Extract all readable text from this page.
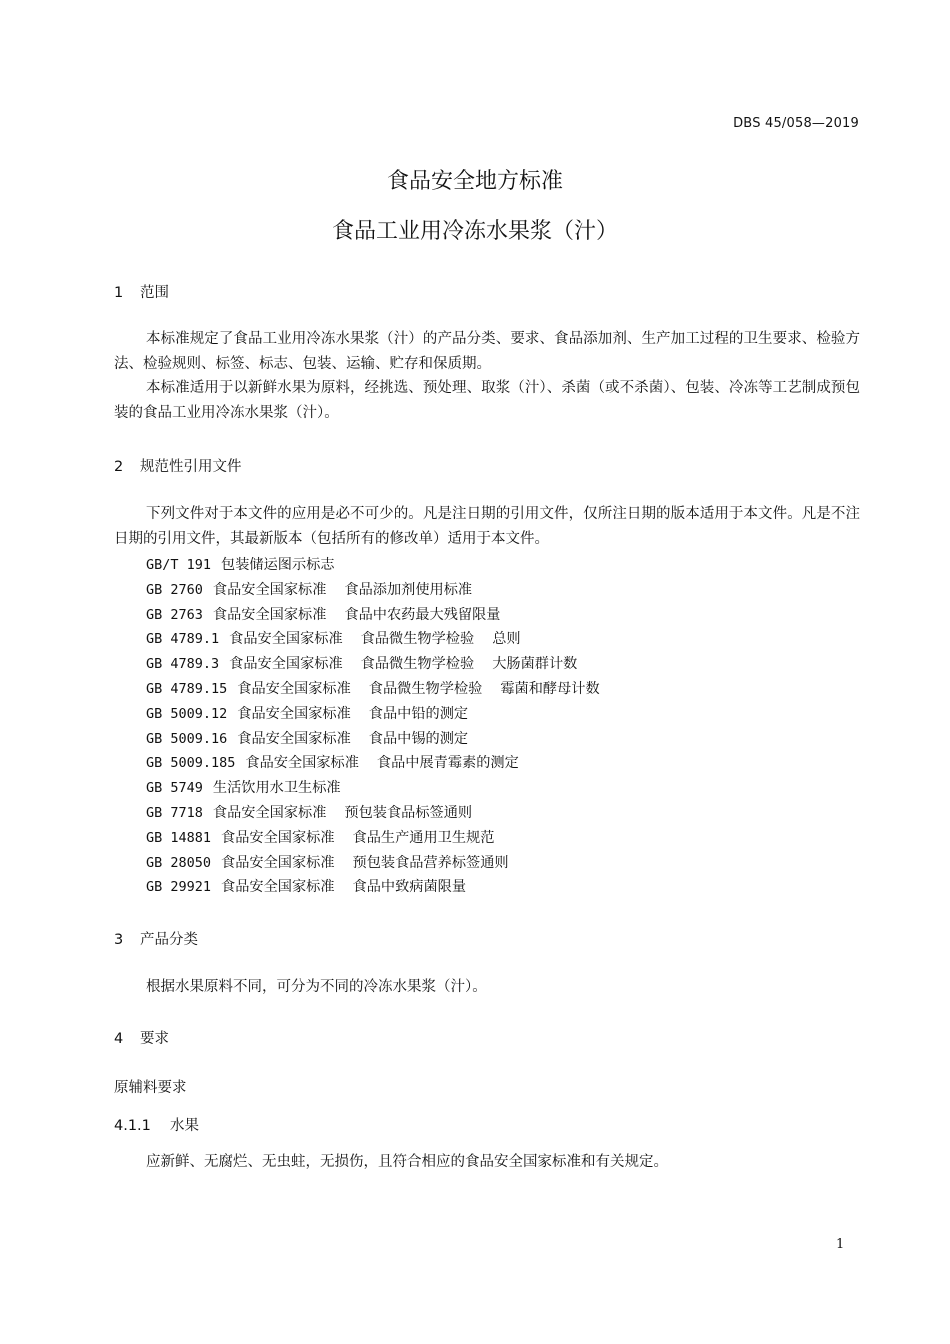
DBS 45/058—2019
食品安全地方标准
食品工业用冷冻水果浆（汁）
1 范围
本标准规定了食品工业用冷冻水果浆（汁）的产品分类、要求、食品添加剂、生产加工过程的卫生要求、检验方法、检验规则、标签、标志、包装、运输、贮存和保质期。
本标准适用于以新鲜水果为原料，经挑选、预处理、取浆（汁）、杀菌（或不杀菌）、包装、冷冻等工艺制成预包装的食品工业用冷冻水果浆（汁）。
2 规范性引用文件
下列文件对于本文件的应用是必不可少的。凡是注日期的引用文件，仅所注日期的版本适用于本文件。凡是不注日期的引用文件，其最新版本（包括所有的修改单）适用于本文件。
GB/T 191 包装储运图示标志
GB 2760 食品安全国家标准 食品添加剂使用标准
GB 2763 食品安全国家标准 食品中农药最大残留限量
GB 4789.1 食品安全国家标准 食品微生物学检验 总则
GB 4789.3 食品安全国家标准 食品微生物学检验 大肠菌群计数
GB 4789.15 食品安全国家标准 食品微生物学检验 霉菌和酵母计数
GB 5009.12 食品安全国家标准 食品中铅的测定
GB 5009.16 食品安全国家标准 食品中锡的测定
GB 5009.185 食品安全国家标准 食品中展青霉素的测定
GB 5749 生活饮用水卫生标准
GB 7718 食品安全国家标准 预包装食品标签通则
GB 14881 食品安全国家标准 食品生产通用卫生规范
GB 28050 食品安全国家标准 预包装食品营养标签通则
GB 29921 食品安全国家标准 食品中致病菌限量
3 产品分类
根据水果原料不同，可分为不同的冷冻水果浆（汁）。
4 要求
原辅料要求
4.1.1 水果
应新鲜、无腐烂、无虫蛀，无损伤，且符合相应的食品安全国家标准和有关规定。
1
